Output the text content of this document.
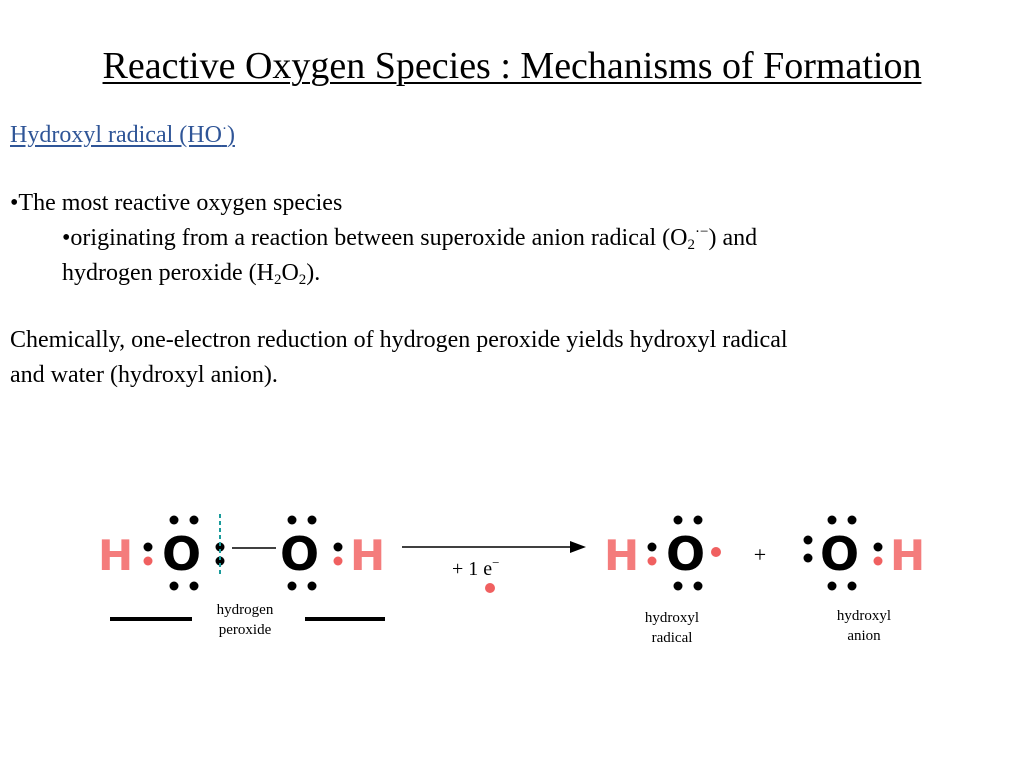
Reactive Oxygen Species : Mechanisms of Formation
Hydroxyl radical (HO·)
•The most reactive oxygen species
•originating from a reaction between superoxide anion radical $(O_2^{\cdot-})$ and
hydrogen peroxide $(H_2O_2)$.
Chemically, one-electron reduction of hydrogen peroxide yields hydroxyl radical
and water (hydroxyl anion).
H O O H
hydrogen
peroxide
+ 1 e− H O
hydroxyl
radical
+ O H
hydroxyl
anion
